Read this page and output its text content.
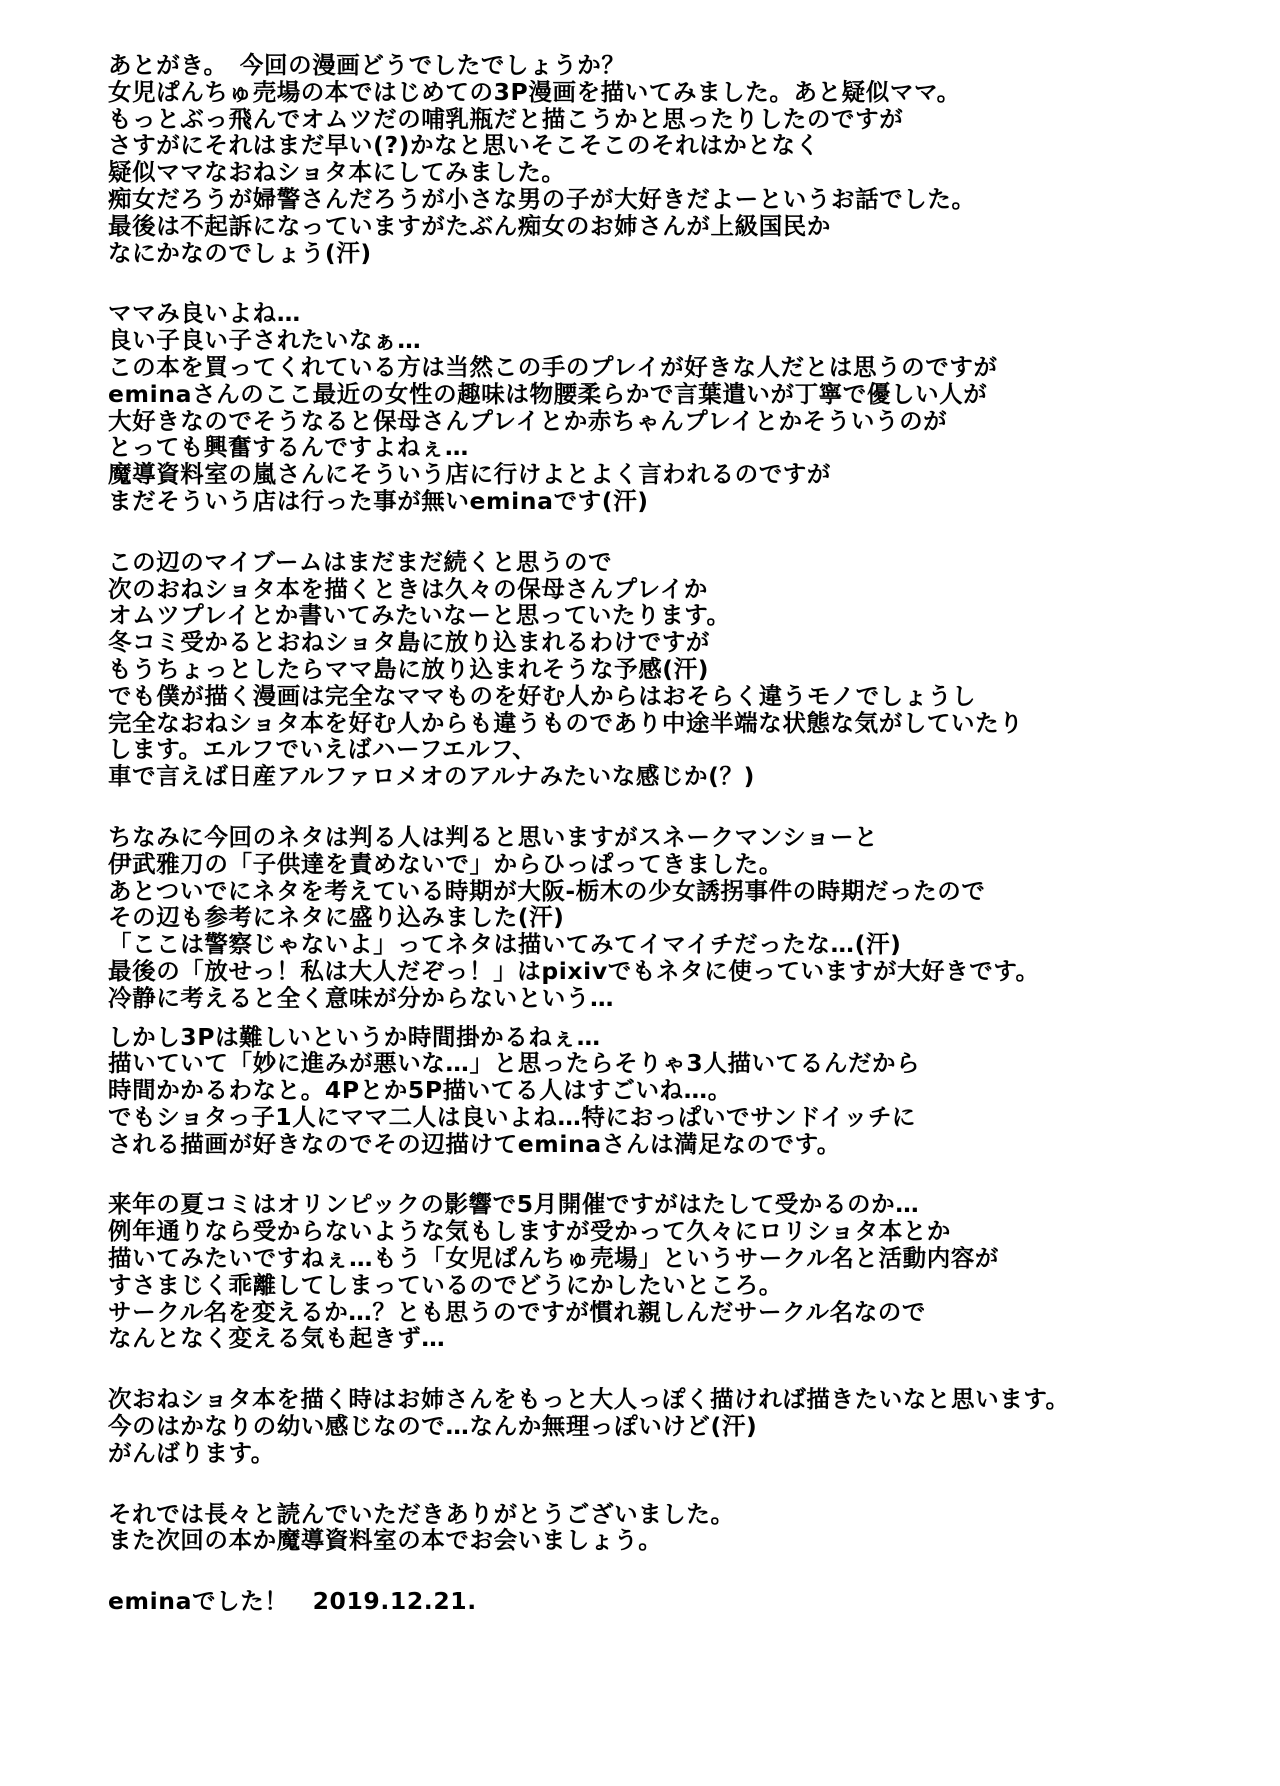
あとがき。　今回の漫画どうでしたでしょうか？
女児ぱんちゅ売場の本ではじめての3P漫画を描いてみました。あと疑似ママ。
もっとぶっ飛んでオムツだの哺乳瓶だと描こうかと思ったりしたのですが
さすがにそれはまだ早い(?)かなと思いそこそこのそれはかとなく
疑似ママなおねショタ本にしてみました。
痴女だろうが婦警さんだろうが小さな男の子が大好きだよーというお話でした。
最後は不起訴になっていますがたぶん痴女のお姉さんが上級国民か
なにかなのでしょう(汗)
ママみ良いよね…
良い子良い子されたいなぁ…
この本を買ってくれている方は当然この手のプレイが好きな人だとは思うのですが
eminaさんのここ最近の女性の趣味は物腰柔らかで言葉遣いが丁寧で優しい人が
大好きなのでそうなると保母さんプレイとか赤ちゃんプレイとかそういうのが
とっても興奮するんですよねぇ…
魔導資料室の嵐さんにそういう店に行けよとよく言われるのですが
まだそういう店は行った事が無いeminaです(汗)
この辺のマイブームはまだまだ続くと思うので
次のおねショタ本を描くときは久々の保母さんプレイか
オムツプレイとか書いてみたいなーと思っていたります。
冬コミ受かるとおねショタ島に放り込まれるわけですが
もうちょっとしたらママ島に放り込まれそうな予感(汗)
でも僕が描く漫画は完全なママものを好む人からはおそらく違うモノでしょうし
完全なおねショタ本を好む人からも違うものであり中途半端な状態な気がしていたり
します。エルフでいえばハーフエルフ、
車で言えば日産アルファロメオのアルナみたいな感じか(？)
ちなみに今回のネタは判る人は判ると思いますがスネークマンショーと
伊武雅刀の「子供達を責めないで」からひっぱってきました。
あとついでにネタを考えている時期が大阪-栃木の少女誘拐事件の時期だったので
その辺も参考にネタに盛り込みました(汗)
「ここは警察じゃないよ」ってネタは描いてみてイマイチだったな…(汗)
最後の「放せっ！私は大人だぞっ！」はpixivでもネタに使っていますが大好きです。
冷静に考えると全く意味が分からないという…
しかし3Pは難しいというか時間掛かるねぇ…
描いていて「妙に進みが悪いな…」と思ったらそりゃ3人描いてるんだから
時間かかるわなと。4Pとか5P描いてる人はすごいね…。
でもショタっ子1人にママ二人は良いよね…特におっぱいでサンドイッチに
される描画が好きなのでその辺描けてeminaさんは満足なのです。
来年の夏コミはオリンピックの影響で5月開催ですがはたして受かるのか…
例年通りなら受からないような気もしますが受かって久々にロリショタ本とか
描いてみたいですねぇ…もう「女児ぱんちゅ売場」というサークル名と活動内容が
すさまじく乖離してしまっているのでどうにかしたいところ。
サークル名を変えるか…？とも思うのですが慣れ親しんだサークル名なので
なんとなく変える気も起きず…
次おねショタ本を描く時はお姉さんをもっと大人っぽく描ければ描きたいなと思います。
今のはかなりの幼い感じなので…なんか無理っぽいけど(汗)
がんばります。
それでは長々と読んでいただきありがとうございました。
また次回の本か魔導資料室の本でお会いましょう。
eminaでした！　2019.12.21.
